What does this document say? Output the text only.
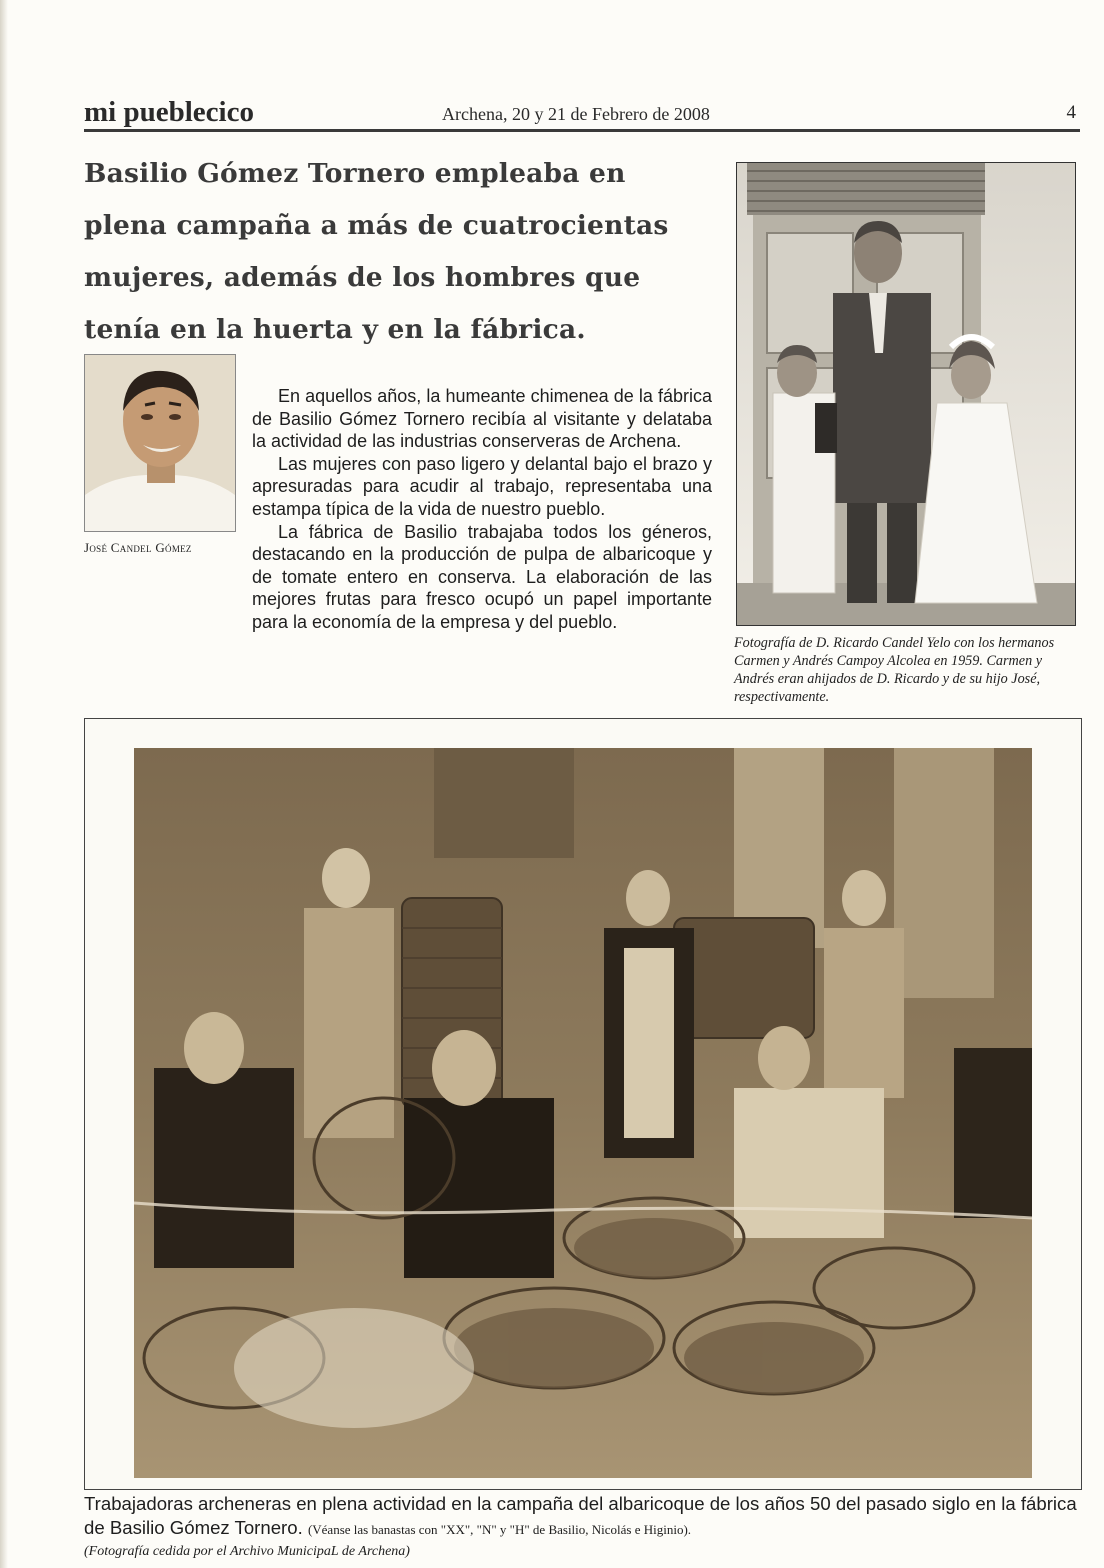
mi pueblecico	Archena, 20 y 21 de Febrero de 2008	4
Basilio Gómez Tornero empleaba en plena campaña a más de cuatrocientas mujeres, además de los hombres que tenía en la huerta y en la fábrica.
José Candel Gómez

En aquellos años, la humeante chimenea de la fábrica de Basilio Gómez Tornero recibía al visitante y delataba la actividad de las industrias conserveras de Archena.

Las mujeres con paso ligero y delantal bajo el brazo y apresuradas para acudir al trabajo, representaba una estampa típica de la vida de nuestro pueblo.

La fábrica de Basilio trabajaba todos los géneros, destacando en la producción de pulpa de albaricoque y de tomate entero en conserva. La elaboración de las mejores frutas para fresco ocupó un papel importante para la economía de la empresa y del pueblo.

Fotografía de D. Ricardo Candel Yelo con los hermanos Carmen y Andrés Campoy Alcolea en 1959. Carmen y Andrés eran ahijados de D. Ricardo y de su hijo José, respectivamente.
Trabajadoras archeneras en plena actividad en la campaña del albaricoque de los años 50 del pasado siglo en la fábrica de Basilio Gómez Tornero. (Véanse las banastas con "XX", "N" y "H" de Basilio, Nicolás e Higinio).
(Fotografía cedida por el Archivo MunicipaL de Archena)
